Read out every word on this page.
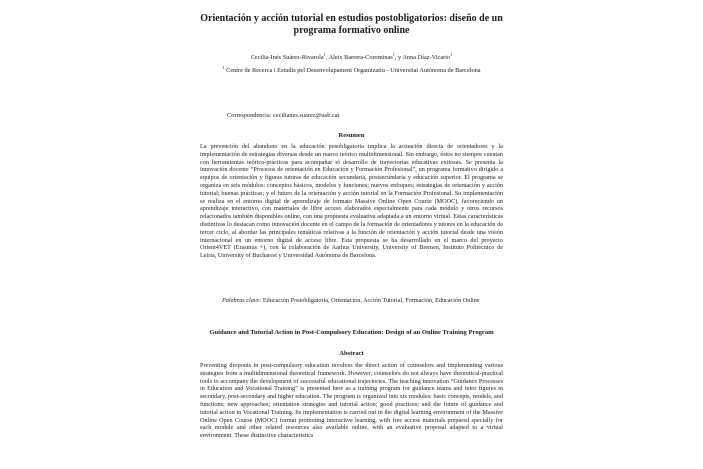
Orientación y acción tutorial en estudios postobligatorios: diseño de un programa formativo online
Cecilia-Inés Suárez-Rivarola$^1$, Aleix Barrera-Corominas$^1$, y Anna Díaz-Vicario$^1$
$^1$ Centre de Recerca i Estudis pel Desenvolupament Organitzatiu - Universitat Autònoma de Barcelona
Correspondencia: cecilianes.suarez@uab.cat
Resumen
La prevención del abandono en la educación posobligatoria implica la actuación directa de orientadores y la implementación de estrategias diversas desde un marco teórico multidimensional. Sin embargo, éstos no siempre cuentan con herramientas teórico-prácticas para acompañar el desarrollo de trayectorias educativas exitosas. Se presenta la innovación docente “Procesos de orientación en Educación y Formación Profesional”, un programa formativo dirigido a equipos de orientación y figuras tutoras de educación secundaria, postsecundaria y educación superior. El programa se organiza en seis módulos: conceptos básicos, modelos y funciones; nuevos enfoques; estrategias de orientación y acción tutorial; buenas prácticas; y el futuro de la orientación y acción tutorial en la Formación Profesional. Su implementación se realiza en el entorno digital de aprendizaje de formato Massive Online Open Course (MOOC), favoreciendo un aprendizaje interactivo, con materiales de libre acceso elaborados especialmente para cada módulo y otros recursos relacionados también disponibles online, con una propuesta evaluativa adaptada a un entorno virtual. Estas características distintivas lo destacan como innovación docente en el campo de la formación de orientadores y tutores en la educación de tercer ciclo, al abordar las principales temáticas relativas a la función de orientación y acción tutorial desde una visión internacional en un entorno digital de acceso libre. Esta propuesta se ha desarrollado en el marco del proyecto Orient4VET (Erasmus +), con la colaboración de Aarhus University, University of Bremen, Instituto Politécnico de Leiria, University of Bucharest y Universidad Autónoma de Barcelona.
Palabras clave: Educación Postobligatoria, Orientación, Acción Tutorial, Formación, Educación Online
Guidance and Tutorial Action in Post-Compulsory Education: Design of an Online Training Program
Abstract
Preventing dropouts in post-compulsory education involves the direct action of counselors and implementing various strategies from a multidimensional theoretical framework. However, counselors do not always have theoretical-practical tools to accompany the development of successful educational trajectories. The teaching innovation “Guidance Processes in Education and Vocational Training” is presented here as a training program for guidance teams and tutor figures in secondary, post-secondary and higher education. The program is organized into six modules: basic concepts, models, and functions; new approaches; orientation strategies and tutorial action; good practices; and the future of guidance and tutorial action in Vocational Training. Its implementation is carried out in the digital learning environment of the Massive Online Open Course (MOOC) format promoting interactive learning, with free access materials prepared specially for each module and other related resources also available online, with an evaluative proposal adapted to a virtual environment. These distinctive characteristics
